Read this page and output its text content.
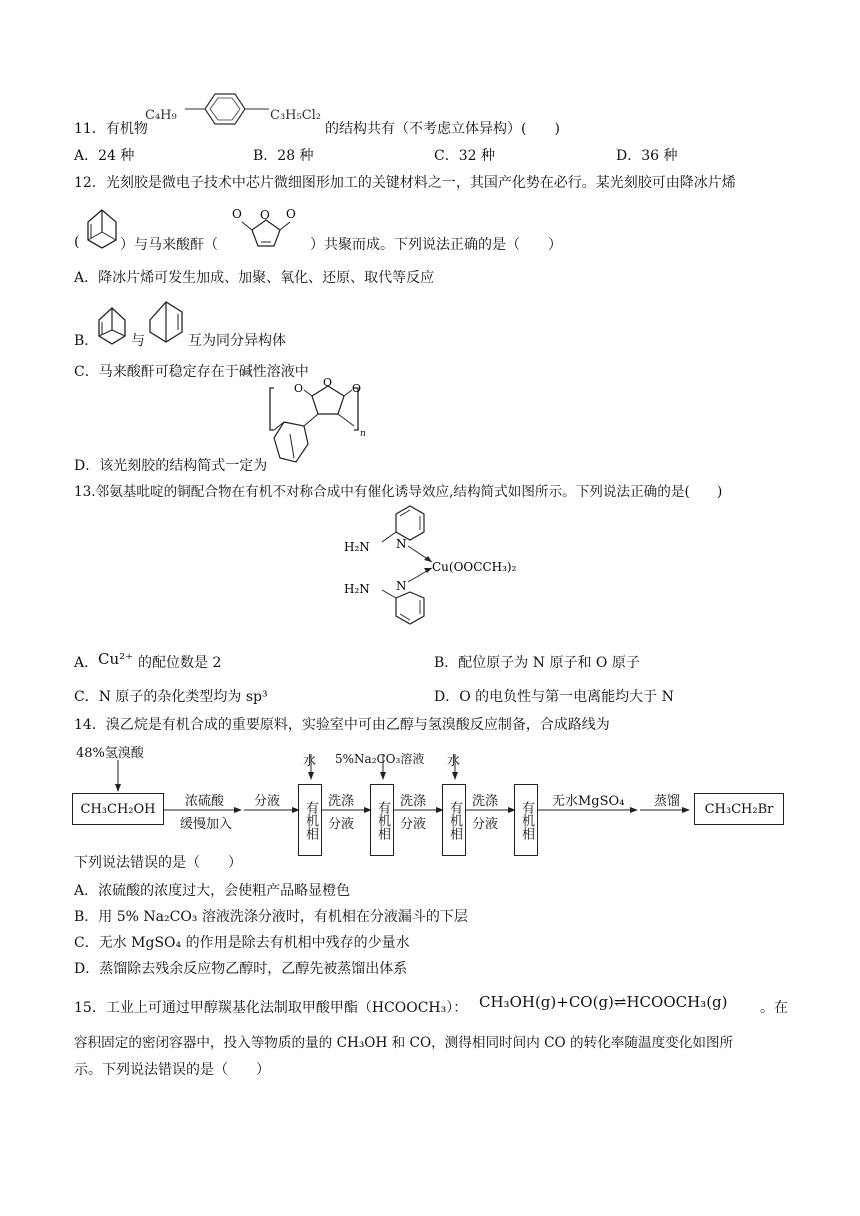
11．有机物
C₄H₉	C₃H₅Cl₂
的结构共有（不考虑立体异构）(　　)
A．24 种	B．28 种	C．32 种	D．36 种
12．光刻胶是微电子技术中芯片微细图形加工的关键材料之一，其国产化势在必行。某光刻胶可由降冰片烯
(	）与马来酸酐（
O O
O
）共聚而成。下列说法正确的是（　　）
A．降冰片烯可发生加成、加聚、氧化、还原、取代等反应
B． 与	互为同分异构体
C．马来酸酐可稳定存在于碱性溶液中
D．该光刻胶的结构简式一定为
O
O	O
n
13.邻氨基吡啶的铜配合物在有机不对称合成中有催化诱导效应,结构简式如图所示。下列说法正确的是(　　)
H₂N N
Cu(OOCCH₃)₂
N
H₂N
A． Cu²⁺ 的配位数是 2	B．配位原子为 N 原子和 O 原子
C．N 原子的杂化类型均为 sp³	D．O 的电负性与第一电离能均大于 N
14．溴乙烷是有机合成的重要原料，实验室中可由乙醇与氢溴酸反应制备，合成路线为
48%氢溴酸
CH₃CH₂OH	浓硫酸
缓慢加入
分液
水 5%Na₂CO₃溶液 水
有机相 洗涤
分液 有机相 洗涤
分液 有机相 洗涤
分液 有机相 无水MgSO₄ 蒸馏	CH₃CH₂Br
下列说法错误的是（　　）
A．浓硫酸的浓度过大，会使粗产品略显橙色
B．用 5% Na₂CO₃ 溶液洗涤分液时，有机相在分液漏斗的下层
C．无水 MgSO₄ 的作用是除去有机相中残存的少量水
D．蒸馏除去残余反应物乙醇时，乙醇先被蒸馏出体系
15．工业上可通过甲醇羰基化法制取甲酸甲酯（HCOOCH₃）： CH₃OH(g)+CO(g)⇌HCOOCH₃(g) 。在
容积固定的密闭容器中，投入等物质的量的 CH₃OH 和 CO，测得相同时间内 CO 的转化率随温度变化如图所
示。下列说法错误的是（　　）
